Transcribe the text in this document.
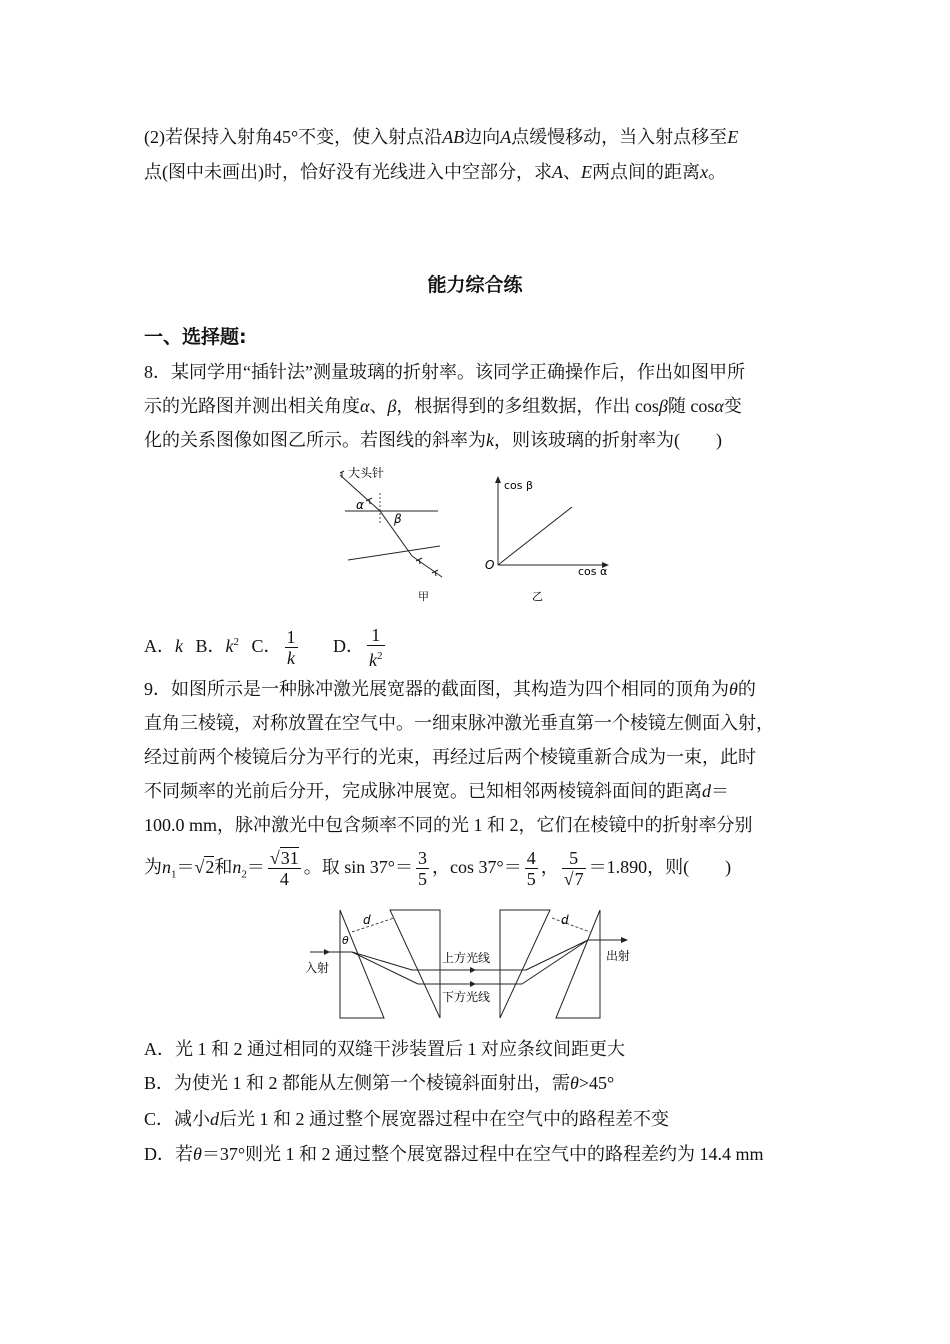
(2)若保持入射角45°不变，使入射点沿AB边向A点缓慢移动，当入射点移至E
点(图中未画出)时，恰好没有光线进入中空部分，求A、E两点间的距离x。
能力综合练
一、选择题:
8．某同学用“插针法”测量玻璃的折射率。该同学正确操作后，作出如图甲所
示的光路图并测出相关角度α、β，根据得到的多组数据，作出 cosβ随 cosα变
化的关系图像如图乙所示。若图线的斜率为k，则该玻璃的折射率为(　　)
大头针
α
β
甲
cos β
cos α
O
乙
A．k B．$k^2$ C． $\frac{1}{k}$ D． $\frac{1}{k^2}$
9．如图所示是一种脉冲激光展宽器的截面图，其构造为四个相同的顶角为θ的
直角三棱镜，对称放置在空气中。一细束脉冲激光垂直第一个棱镜左侧面入射，
经过前两个棱镜后分为平行的光束，再经过后两个棱镜重新合成为一束，此时
不同频率的光前后分开，完成脉冲展宽。已知相邻两棱镜斜面间的距离d＝
100.0 mm，脉冲激光中包含频率不同的光 1 和 2，它们在棱镜中的折射率分别
为$n_1=√2$和$n_2= \frac{√31}{4}$ 。取 $\sin 37^\circ= \frac{3}{5}$ ，$\cos 37^\circ= \frac{4}{5}$ ， $\frac{5}{√7} =1.890$，则(　　)
d	d
θ
入射
出射
上方光线
下方光线
A．光 1 和 2 通过相同的双缝干涉装置后 1 对应条纹间距更大
B．为使光 1 和 2 都能从左侧第一个棱镜斜面射出，需θ>45°
C．减小d后光 1 和 2 通过整个展宽器过程中在空气中的路程差不变
D．若θ＝37°则光 1 和 2 通过整个展宽器过程中在空气中的路程差约为 14.4 mm
